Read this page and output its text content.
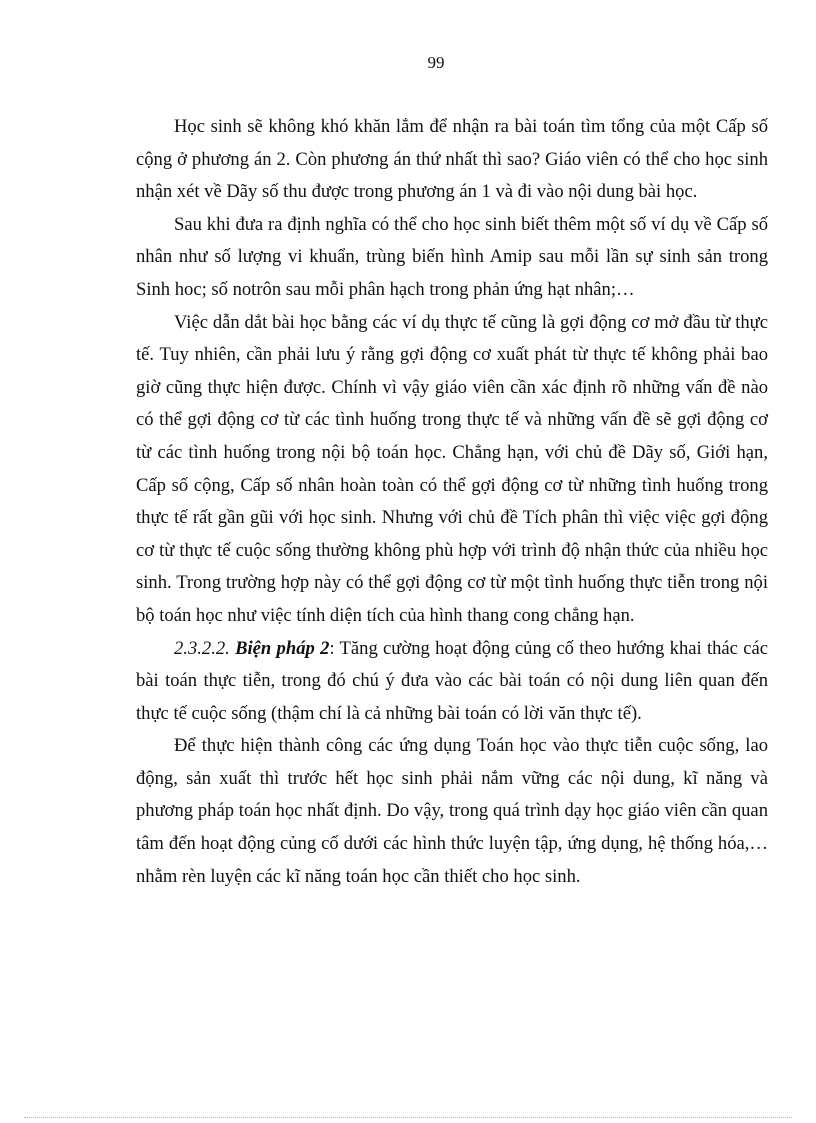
99

Học sinh sẽ không khó khăn lắm để nhận ra bài toán tìm tổng của một Cấp số cộng ở phương án 2. Còn phương án thứ nhất thì sao? Giáo viên có thể cho học sinh nhận xét về Dãy số thu được trong phương án 1 và đi vào nội dung bài học.

Sau khi đưa ra định nghĩa có thể cho học sinh biết thêm một số ví dụ về Cấp số nhân như số lượng vi khuẩn, trùng biến hình Amip sau mỗi lần sự sinh sản trong Sinh hoc; số notrôn sau mỗi phân hạch trong phản ứng hạt nhân;…

Việc dẫn dắt bài học bằng các ví dụ thực tế cũng là gợi động cơ mở đầu từ thực tế. Tuy nhiên, cần phải lưu ý rằng gợi động cơ xuất phát từ thực tế không phải bao giờ cũng thực hiện được. Chính vì vậy giáo viên cần xác định rõ những vấn đề nào có thể gợi động cơ từ các tình huống trong thực tế và những vấn đề sẽ gợi động cơ từ các tình huống trong nội bộ toán học. Chẳng hạn, với chủ đề Dãy số, Giới hạn, Cấp số cộng, Cấp số nhân hoàn toàn có thể gợi động cơ từ những tình huống trong thực tế rất gần gũi với học sinh. Nhưng với chủ đề Tích phân thì việc việc gợi động cơ từ thực tế cuộc sống thường không phù hợp với trình độ nhận thức của nhiều học sinh. Trong trường hợp này có thể gợi động cơ từ một tình huống thực tiễn trong nội bộ toán học như việc tính diện tích của hình thang cong chẳng hạn.

2.3.2.2. Biện pháp 2: Tăng cường hoạt động củng cố theo hướng khai thác các bài toán thực tiễn, trong đó chú ý đưa vào các bài toán có nội dung liên quan đến thực tế cuộc sống (thậm chí là cả những bài toán có lời văn thực tế).

Để thực hiện thành công các ứng dụng Toán học vào thực tiễn cuộc sống, lao động, sản xuất thì trước hết học sinh phải nắm vững các nội dung, kĩ năng và phương pháp toán học nhất định. Do vậy, trong quá trình dạy học giáo viên cần quan tâm đến hoạt động củng cố dưới các hình thức luyện tập, ứng dụng, hệ thống hóa,…nhằm rèn luyện các kĩ năng toán học cần thiết cho học sinh.
